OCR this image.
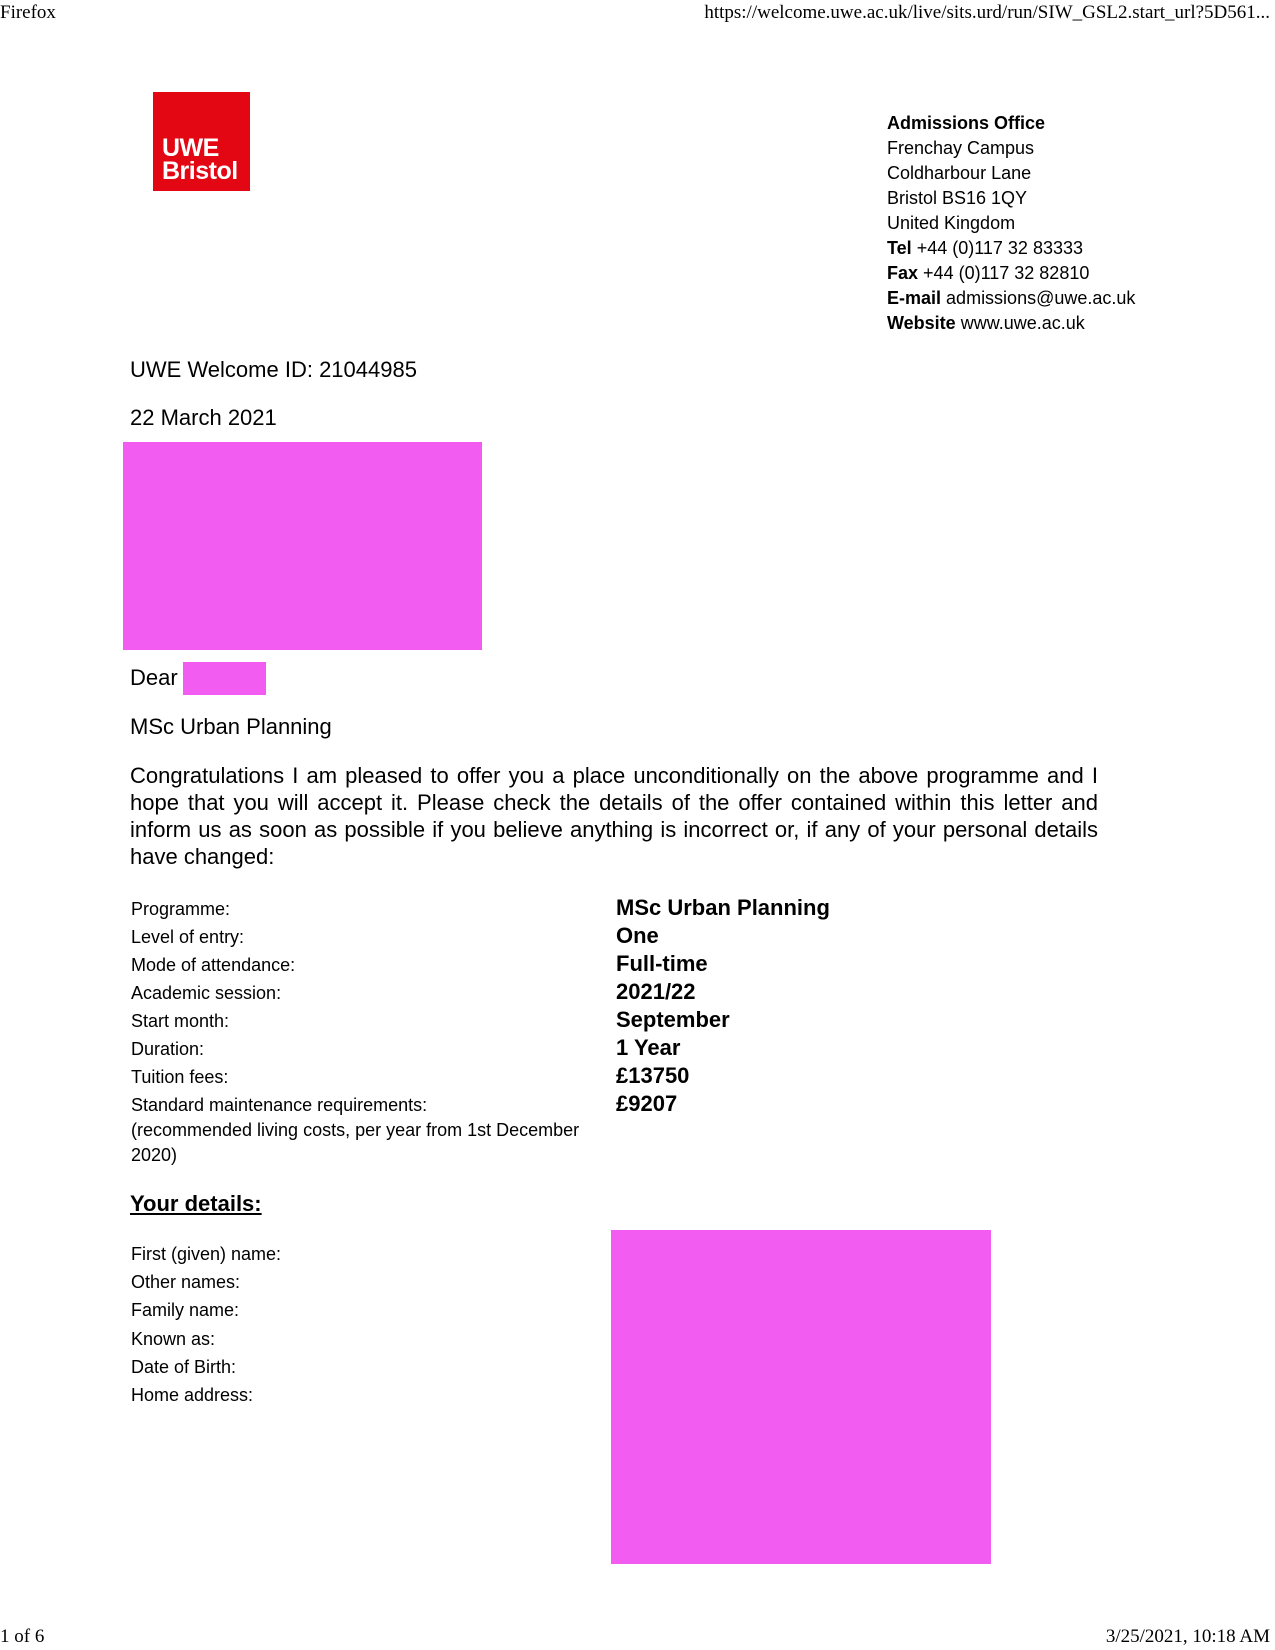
Firefox	https://welcome.uwe.ac.uk/live/sits.urd/run/SIW_GSL2.start_url?5D561...
UWE
Bristol
Admissions Office
Frenchay Campus
Coldharbour Lane
Bristol BS16 1QY
United Kingdom
Tel +44 (0)117 32 83333
Fax +44 (0)117 32 82810
E-mail admissions@uwe.ac.uk
Website www.uwe.ac.uk
UWE Welcome ID: 21044985
22 March 2021
Dear
MSc Urban Planning
Congratulations I am pleased to offer you a place unconditionally on the above programme and I hope that you will accept it. Please check the details of the offer contained within this letter and inform us as soon as possible if you believe anything is incorrect or, if any of your personal details have changed:
Programme:	MSc Urban Planning
Level of entry:	One
Mode of attendance:	Full-time
Academic session:	2021/22
Start month:	September
Duration:	1 Year
Tuition fees:	£13750
Standard maintenance requirements:	£9207
(recommended living costs, per year from 1st December 2020)
Your details:
First (given) name:
Other names:
Family name:
Known as:
Date of Birth:
Home address:
1 of 6	3/25/2021, 10:18 AM
